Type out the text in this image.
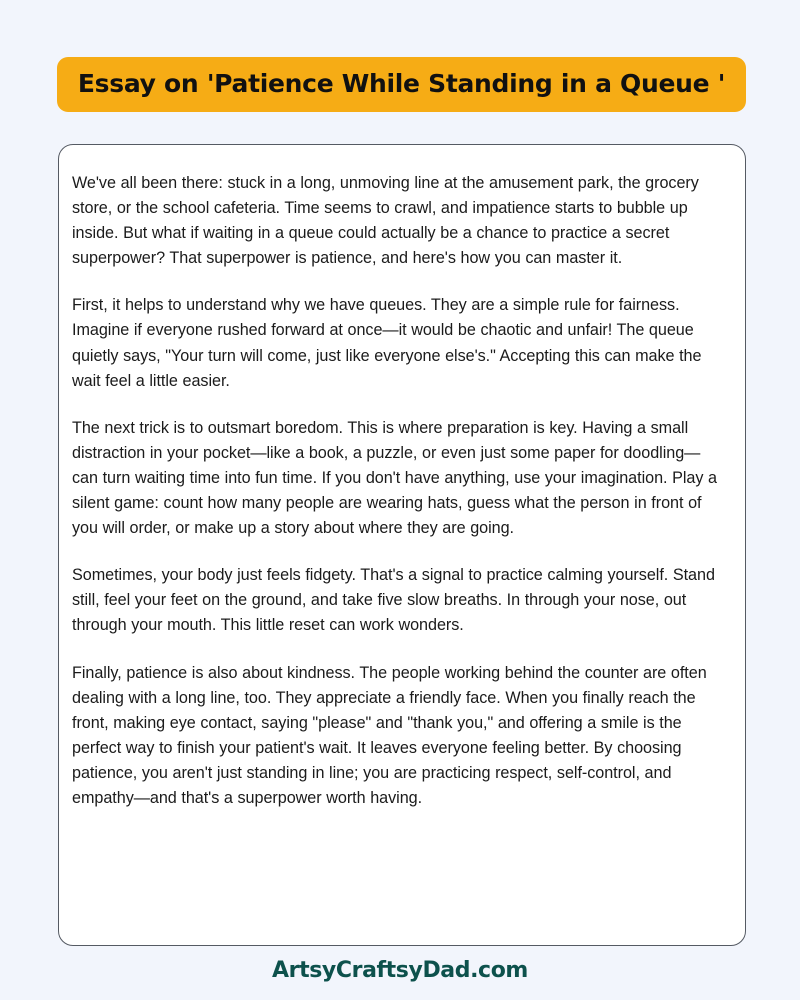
Essay on 'Patience While Standing in a Queue '

We've all been there: stuck in a long, unmoving line at the amusement park, the grocery store, or the school cafeteria. Time seems to crawl, and impatience starts to bubble up inside. But what if waiting in a queue could actually be a chance to practice a secret superpower? That superpower is patience, and here's how you can master it.

First, it helps to understand why we have queues. They are a simple rule for fairness. Imagine if everyone rushed forward at once—it would be chaotic and unfair! The queue quietly says, "Your turn will come, just like everyone else's." Accepting this can make the wait feel a little easier.

The next trick is to outsmart boredom. This is where preparation is key. Having a small distraction in your pocket—like a book, a puzzle, or even just some paper for doodling—can turn waiting time into fun time. If you don't have anything, use your imagination. Play a silent game: count how many people are wearing hats, guess what the person in front of you will order, or make up a story about where they are going.

Sometimes, your body just feels fidgety. That's a signal to practice calming yourself. Stand still, feel your feet on the ground, and take five slow breaths. In through your nose, out through your mouth. This little reset can work wonders.

Finally, patience is also about kindness. The people working behind the counter are often dealing with a long line, too. They appreciate a friendly face. When you finally reach the front, making eye contact, saying "please" and "thank you," and offering a smile is the perfect way to finish your patient's wait. It leaves everyone feeling better. By choosing patience, you aren't just standing in line; you are practicing respect, self-control, and empathy—and that's a superpower worth having.

ArtsyCraftsyDad.com
